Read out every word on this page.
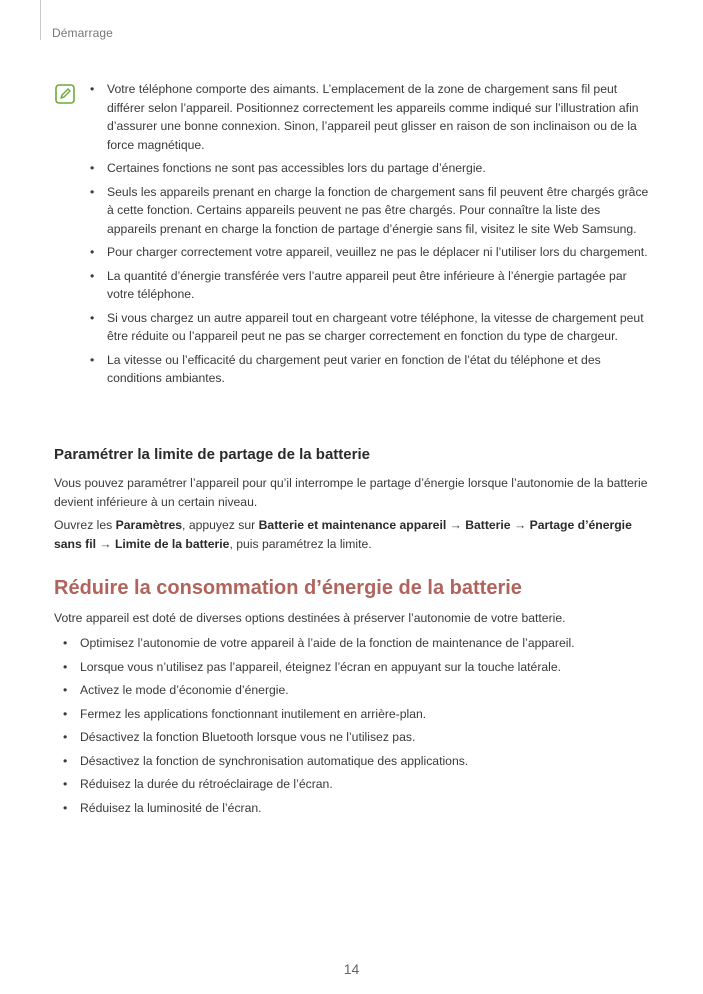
Démarrage
• Votre téléphone comporte des aimants. L’emplacement de la zone de chargement sans fil peut différer selon l’appareil. Positionnez correctement les appareils comme indiqué sur l’illustration afin d’assurer une bonne connexion. Sinon, l’appareil peut glisser en raison de son inclinaison ou de la force magnétique.
• Certaines fonctions ne sont pas accessibles lors du partage d’énergie.
• Seuls les appareils prenant en charge la fonction de chargement sans fil peuvent être chargés grâce à cette fonction. Certains appareils peuvent ne pas être chargés. Pour connaître la liste des appareils prenant en charge la fonction de partage d’énergie sans fil, visitez le site Web Samsung.
• Pour charger correctement votre appareil, veuillez ne pas le déplacer ni l’utiliser lors du chargement.
• La quantité d’énergie transférée vers l’autre appareil peut être inférieure à l’énergie partagée par votre téléphone.
• Si vous chargez un autre appareil tout en chargeant votre téléphone, la vitesse de chargement peut être réduite ou l’appareil peut ne pas se charger correctement en fonction du type de chargeur.
• La vitesse ou l’efficacité du chargement peut varier en fonction de l’état du téléphone et des conditions ambiantes.
Paramétrer la limite de partage de la batterie

Vous pouvez paramétrer l’appareil pour qu’il interrompe le partage d’énergie lorsque l’autonomie de la batterie devient inférieure à un certain niveau.

Ouvrez les Paramètres, appuyez sur Batterie et maintenance appareil → Batterie → Partage d’énergie sans fil → Limite de la batterie, puis paramétrez la limite.

Réduire la consommation d’énergie de la batterie

Votre appareil est doté de diverses options destinées à préserver l’autonomie de votre batterie.

• Optimisez l’autonomie de votre appareil à l’aide de la fonction de maintenance de l’appareil.
• Lorsque vous n’utilisez pas l’appareil, éteignez l’écran en appuyant sur la touche latérale.
• Activez le mode d’économie d’énergie.
• Fermez les applications fonctionnant inutilement en arrière-plan.
• Désactivez la fonction Bluetooth lorsque vous ne l’utilisez pas.
• Désactivez la fonction de synchronisation automatique des applications.
• Réduisez la durée du rétroéclairage de l’écran.
• Réduisez la luminosité de l’écran.
14
